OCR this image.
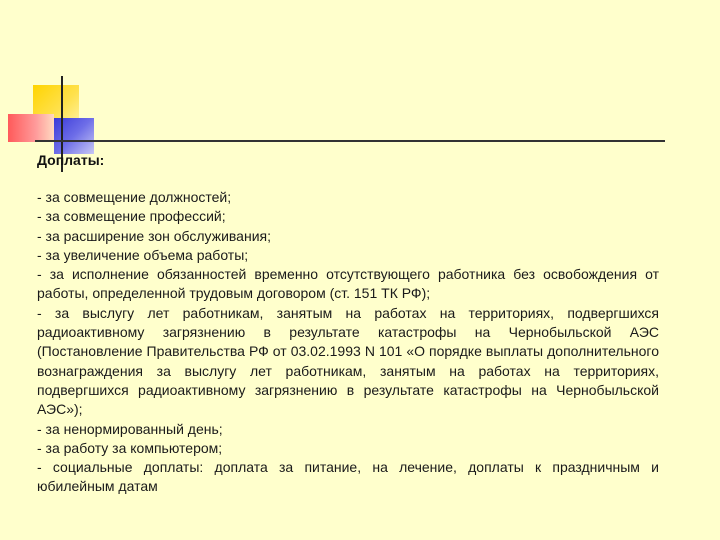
Доплаты:

- за совмещение должностей;

- за совмещение профессий;

- за расширение зон обслуживания;

- за увеличение объема работы;

- за исполнение обязанностей временно отсутствующего работника без освобождения от работы, определенной трудовым договором (ст. 151 ТК РФ);

- за выслугу лет работникам, занятым на работах на территориях, подвергшихся радиоактивному загрязнению в результате катастрофы на Чернобыльской АЭС (Постановление Правительства РФ от 03.02.1993 N 101 «О порядке выплаты дополнительного вознаграждения за выслугу лет работникам, занятым на работах на территориях, подвергшихся радиоактивному загрязнению в результате катастрофы на Чернобыльской АЭС»);

- за ненормированный день;

- за работу за компьютером;

- социальные доплаты: доплата за питание, на лечение, доплаты к праздничным и юбилейным датам
